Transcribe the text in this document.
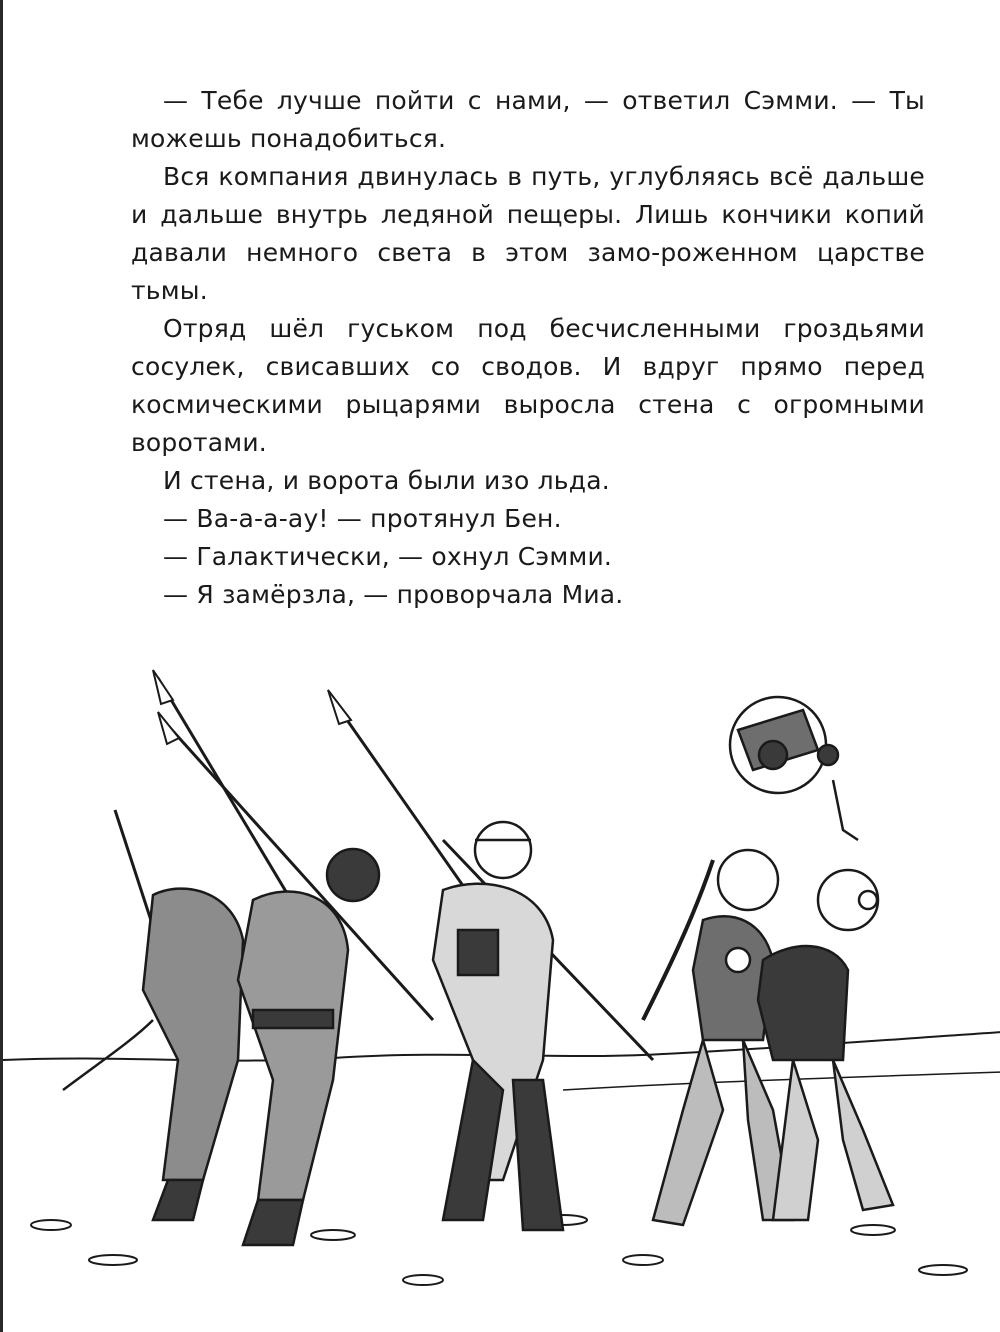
— Тебе лучше пойти с нами, — ответил Сэмми. — Ты можешь понадобиться.

Вся компания двинулась в путь, углубляясь всё дальше и дальше внутрь ледяной пещеры. Лишь кончики копий давали немного света в этом замо-роженном царстве тьмы.

Отряд шёл гуськом под бесчисленными гроздьями сосулек, свисавших со сводов. И вдруг прямо перед космическими рыцарями выросла стена с огромными воротами.

И стена, и ворота были изо льда.

— Ва-а-а-ау! — протянул Бен.

— Галактически, — охнул Сэмми.

— Я замёрзла, — проворчала Миа.
